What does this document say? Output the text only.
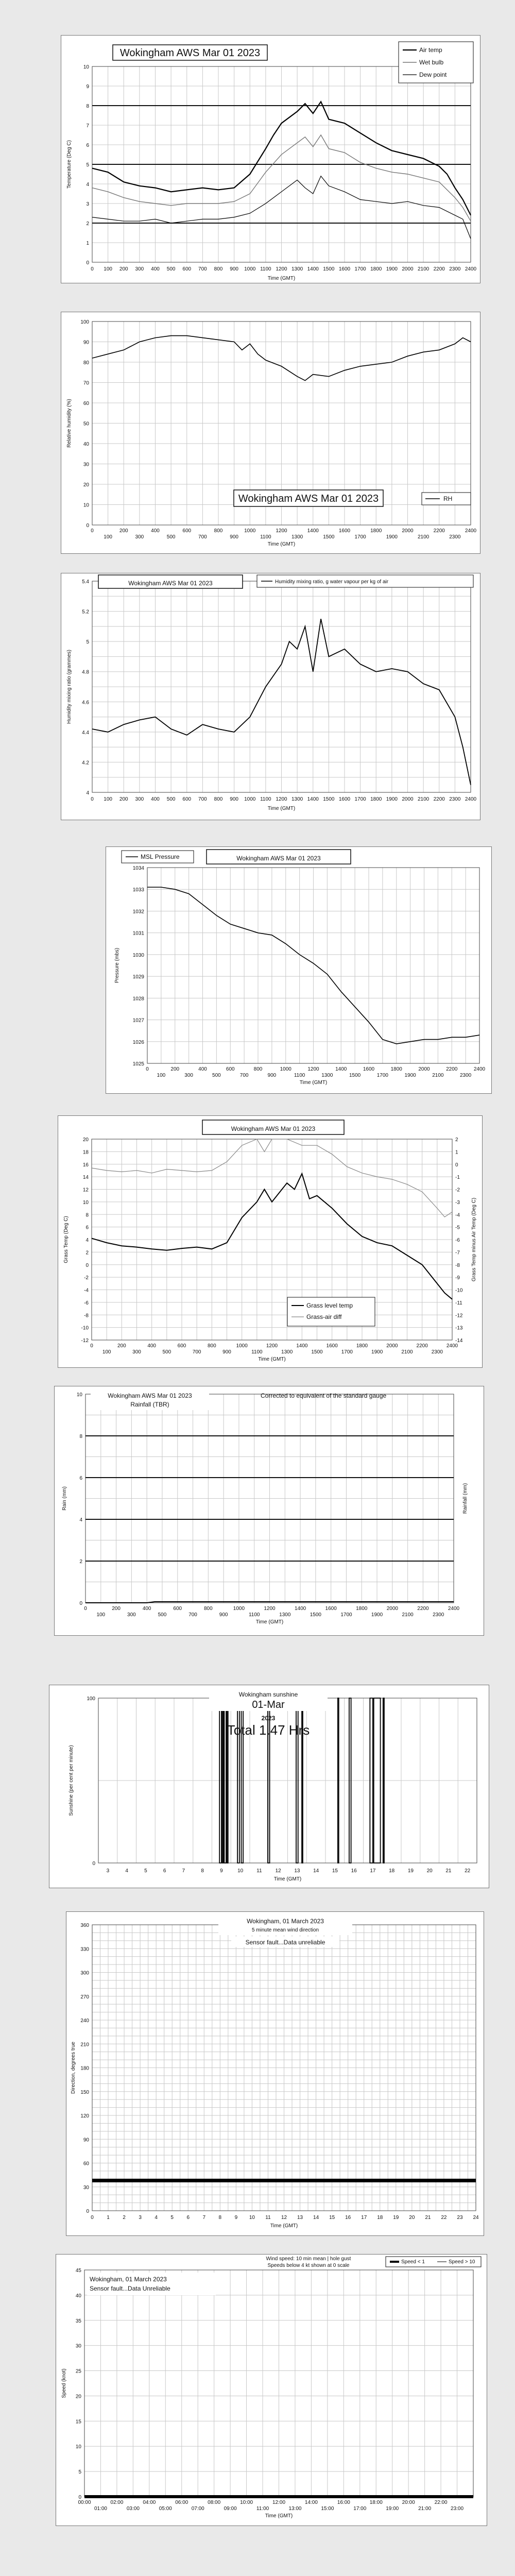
0
1
2
3
4
5
6
7
8
9
10
0 100 200 300 400 500 600 700 800 900 1000 1100 1200 1300 1400 1500 1600 1700 1800 1900 2000 2100 2200 2300 2400
Temperature (Deg C)
Time (GMT)
Wokingham AWS Mar 01 2023	Air temp
Wet bulb
Dew point
0
10
20
30
40
50
60
70
80
90
100
0	200	400	600	800	1000	1200	1400	1600	1800	2000	2200	2400
100	300	500	700	900	1100	1300	1500	1700	1900	2100	2300
Relative humidity (%)
Time (GMT)
Wokingham AWS Mar 01 2023	RH
4
4.2
4.4
4.6
4.8
5
5.2
5.4
0 100 200 300 400 500 600 700 800 900 1000 1100 1200 1300 1400 1500 1600 1700 1800 1900 2000 2100 2200 2300 2400
Humidity mixing ratio (grammes)
Time (GMT)
Wokingham AWS Mar 01 2023	Humidity mixing ratio, g water vapour per kg of air
1025
1026
1027
1028
1029
1030
1031
1032
1033
1034
0	200	400	600	800	1000	1200	1400	1600	1800	2000	2200	2400
100	300	500	700	900	1100	1300	1500	1700	1900	2100	2300
Pressure (mbs)
Time (GMT)
MSL Pressure	Wokingham AWS Mar 01 2023
-12
-10
-8
-6
-4
-2
0
2
4
6
8
10
12
14
16
18
20
-14
-13
-12
-11
-10
-9
-8
-7
-6
-5
-4
-3
-2
-1
0
1
2
0	200	400	600	800	1000	1200	1400	1600	1800	2000	2200	2400
100	300	500	700	900	1100	1300	1500	1700	1900	2100	2300
Grass Temp (Deg C)	Grass Temp minus Air Temp (Deg C)
Time (GMT)
Wokingham AWS Mar 01 2023
Grass level temp
Grass-air diff
0
2
4
6
8
10
0	200	400	600	800	1000	1200	1400	1600	1800	2000	2200	2400
100	300	500	700	900	1100	1300	1500	1700	1900	2100	2300
Rain (mm)	Rainfall (mm)
Time (GMT)
Wokingham AWS Mar 01 2023
Rainfall (TBR)
Corrected to equivalent of the standard gauge
0
100
3	4	5	6	7	8	9	10	11	12	13	14	15	16	17	18	19	20	21	22
Sunshine (per cent per minute)
Time (GMT)
Wokingham sunshine
01-Mar
2023
Total 1.47 Hrs
0
30
60
90
120
150
180
210
240
270
300
330
360
0	1	2	3	4	5	6	7	8	9 10 11 12 13 14 15 16 17 18 19 20 21 22 23 24
Direction, degrees true
Time (GMT)
Wokingham, 01 March 2023
5 minute mean wind direction
Sensor fault...Data unreliable
0
5
10
15
20
25
30
35
40
45
00:00	02:00	04:00	06:00	08:00	10:00	12:00	14:00	16:00	18:00	20:00	22:00
01:00	03:00	05:00	07:00	09:00	11:00	13:00	15:00	17:00	19:00	21:00	23:00
Speed (knot)
Time (GMT)
Wokingham, 01 March 2023
Sensor fault...Data Unreliable
Wind speed: 10 min mean | hole gust
Speeds below 4 kt shown at 0 scale
Speed < 1	Speed > 10
